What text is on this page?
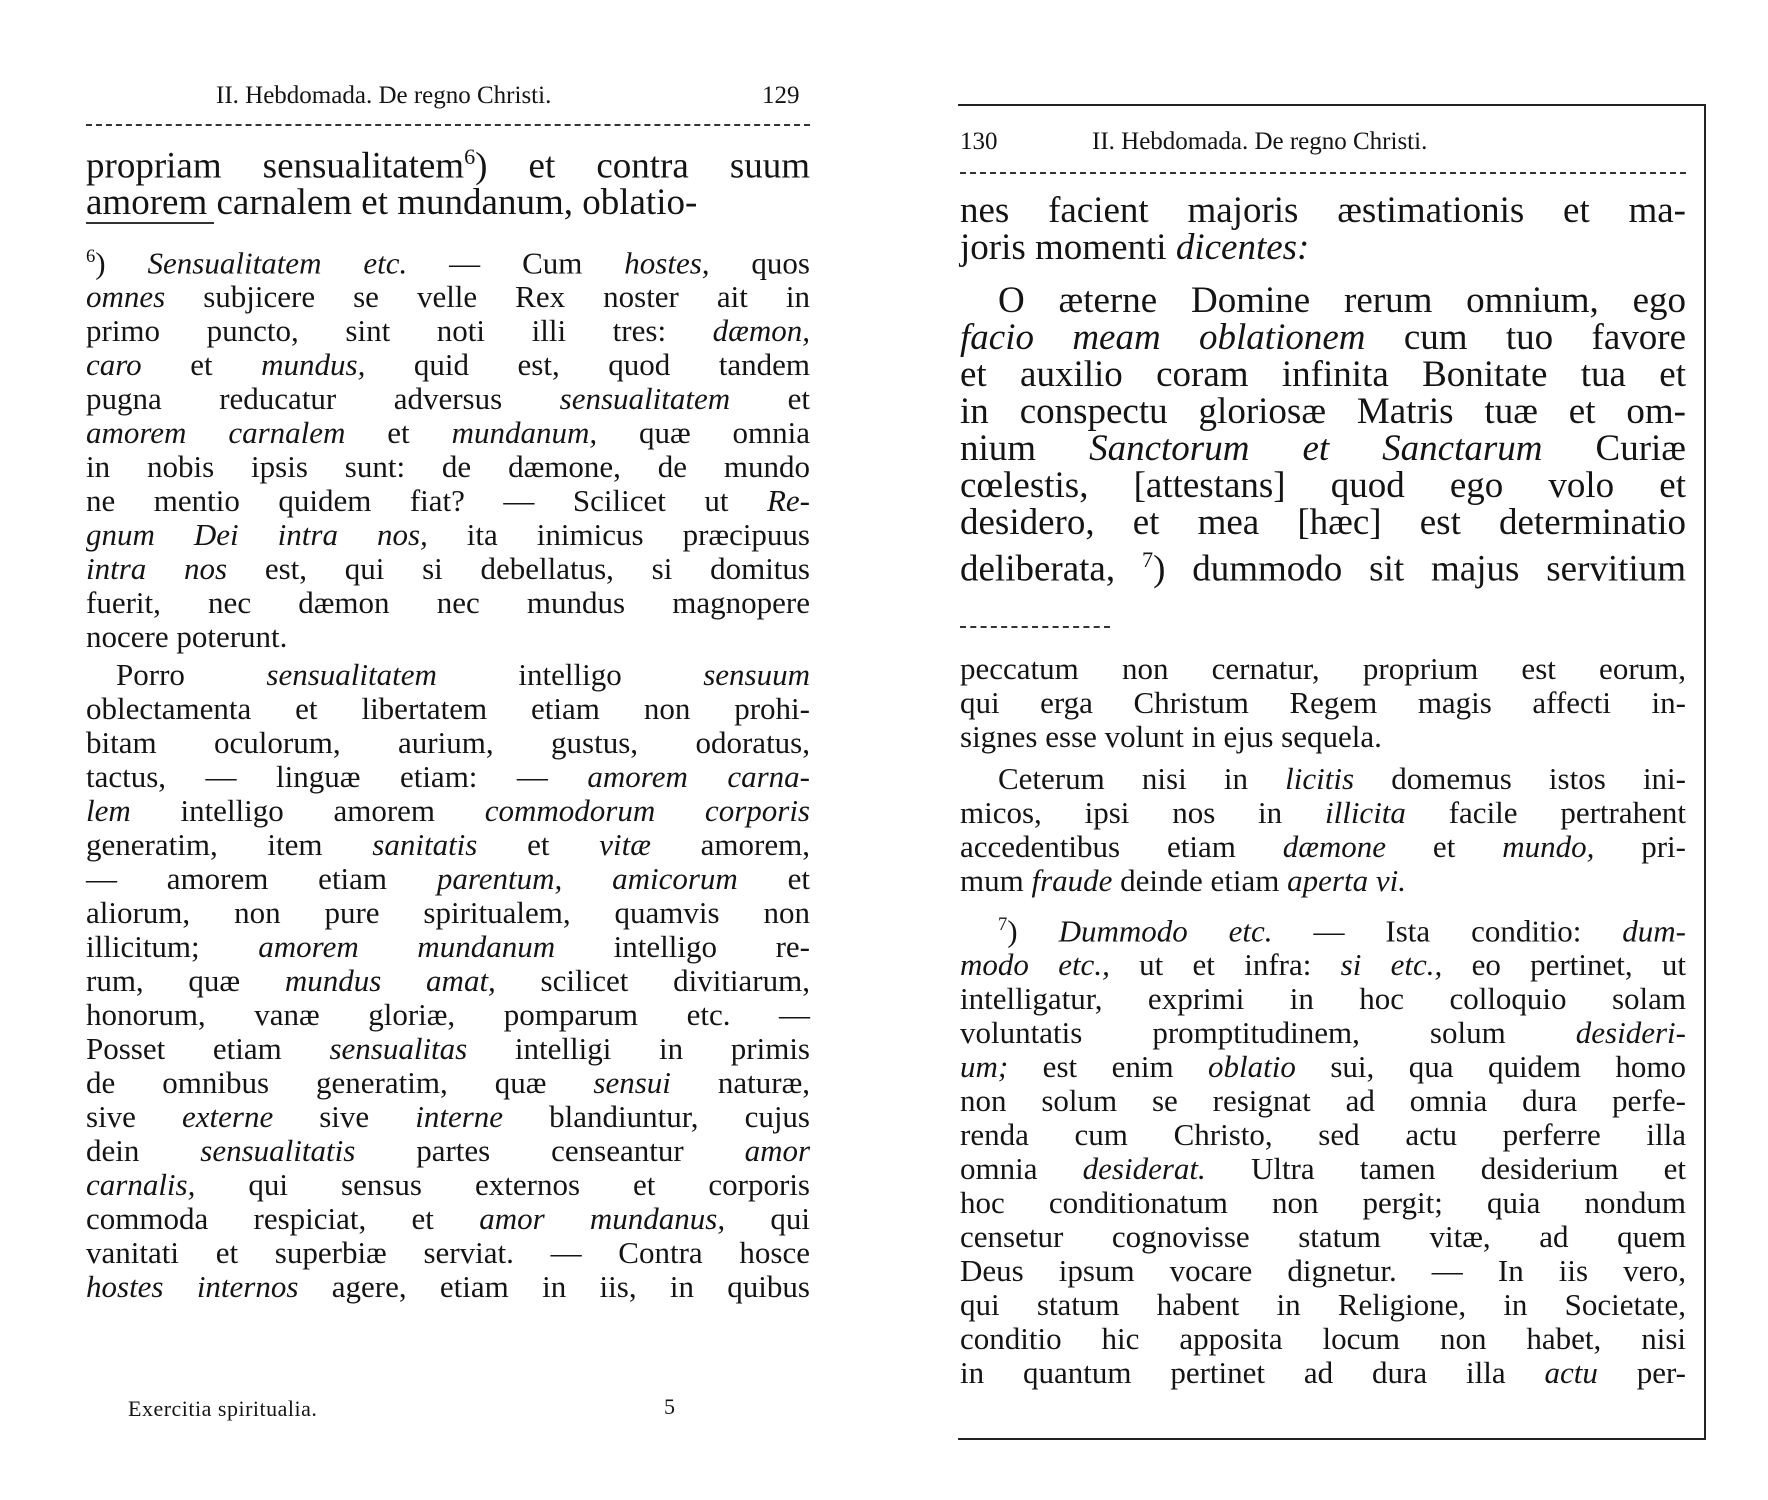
II. Hebdomada. De regno Christi.	129
propriam sensualitatem$^6$) et contra suum
amorem carnalem et mundanum, oblatio-
$^6$) Sensualitatem etc. — Cum hostes, quos
omnes subjicere se velle Rex noster ait in
primo puncto, sint noti illi tres: dæmon,
caro et mundus, quid est, quod tandem
pugna reducatur adversus sensualitatem et
amorem carnalem et mundanum, quæ omnia
in nobis ipsis sunt: de dæmone, de mundo
ne mentio quidem fiat? — Scilicet ut Re-
gnum Dei intra nos, ita inimicus præcipuus
intra nos est, qui si debellatus, si domitus
fuerit, nec dæmon nec mundus magnopere
nocere poterunt.
Porro sensualitatem intelligo sensuum
oblectamenta et libertatem etiam non prohi-
bitam oculorum, aurium, gustus, odoratus,
tactus, — linguæ etiam: — amorem carna-
lem intelligo amorem commodorum corporis
generatim, item sanitatis et vitæ amorem,
— amorem etiam parentum, amicorum et
aliorum, non pure spiritualem, quamvis non
illicitum; amorem mundanum intelligo re-
rum, quæ mundus amat, scilicet divitiarum,
honorum, vanæ gloriæ, pomparum etc. —
Posset etiam sensualitas intelligi in primis
de omnibus generatim, quæ sensui naturæ,
sive externe sive interne blandiuntur, cujus
dein sensualitatis partes censeantur amor
carnalis, qui sensus externos et corporis
commoda respiciat, et amor mundanus, qui
vanitati et superbiæ serviat. — Contra hosce
hostes internos agere, etiam in iis, in quibus
Exercitia spiritualia.	5
130	II. Hebdomada. De regno Christi.
nes facient majoris æstimationis et ma-
joris momenti dicentes:
O æterne Domine rerum omnium, ego
facio meam oblationem cum tuo favore
et auxilio coram infinita Bonitate tua et
in conspectu gloriosæ Matris tuæ et om-
nium Sanctorum et Sanctarum Curiæ
cœlestis, [attestans] quod ego volo et
desidero, et mea [hæc] est determinatio
deliberata, $^7$) dummodo sit majus servitium
peccatum non cernatur, proprium est eorum,
qui erga Christum Regem magis affecti in-
signes esse volunt in ejus sequela.
Ceterum nisi in licitis domemus istos ini-
micos, ipsi nos in illicita facile pertrahent
accedentibus etiam dæmone et mundo, pri-
mum fraude deinde etiam aperta vi.
$^7$) Dummodo etc. — Ista conditio: dum-
modo etc., ut et infra: si etc., eo pertinet, ut
intelligatur, exprimi in hoc colloquio solam
voluntatis promptitudinem, solum desideri-
um; est enim oblatio sui, qua quidem homo
non solum se resignat ad omnia dura perfe-
renda cum Christo, sed actu perferre illa
omnia desiderat. Ultra tamen desiderium et
hoc conditionatum non pergit; quia nondum
censetur cognovisse statum vitæ, ad quem
Deus ipsum vocare dignetur. — In iis vero,
qui statum habent in Religione, in Societate,
conditio hic apposita locum non habet, nisi
in quantum pertinet ad dura illa actu per-
